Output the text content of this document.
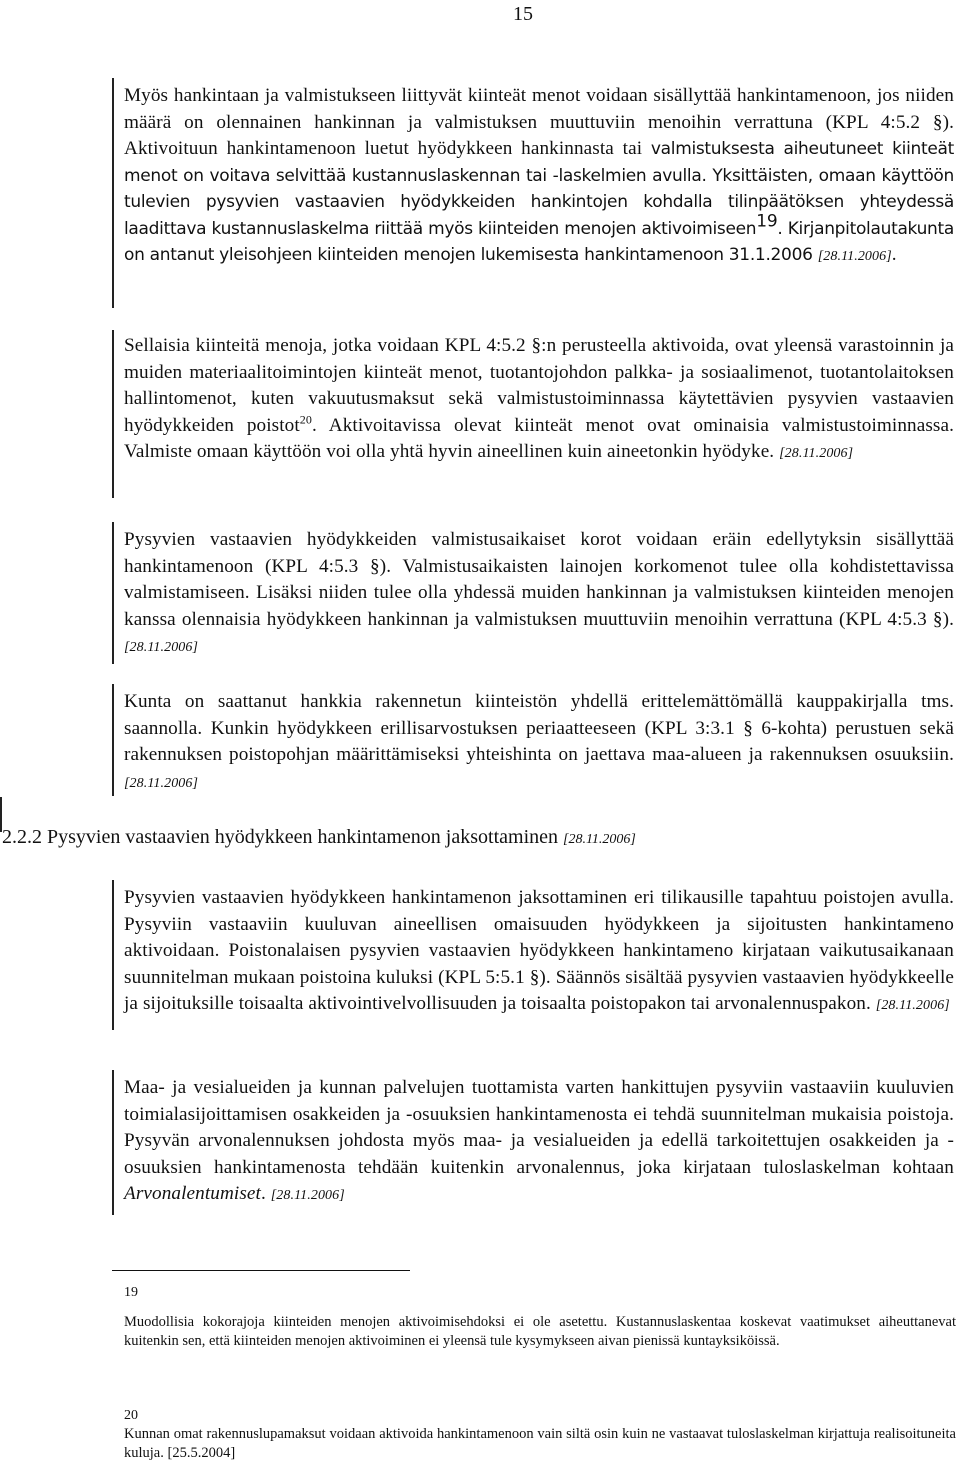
15
Myös hankintaan ja valmistukseen liittyvät kiinteät menot voidaan sisällyttää hankintamenoon, jos niiden määrä on olennainen hankinnan ja valmistuksen muuttuviin menoihin verrattuna (KPL 4:5.2 §). Aktivoituun hankintamenoon luetut hyödykkeen hankinnasta tai valmistuksesta aiheutuneet kiinteät menot on voitava selvittää kustannuslaskennan tai -laskelmien avulla. Yksittäisten, omaan käyttöön tulevien pysyvien vastaavien hyödykkeiden hankintojen kohdalla tilinpäätöksen yhteydessä laadittava kustannuslaskelma riittää myös kiinteiden menojen aktivoimiseen$^{19}$. Kirjanpitolautakunta on antanut yleisohjeen kiinteiden menojen lukemisesta hankintamenoon 31.1.2006 [28.11.2006].
Sellaisia kiinteitä menoja, jotka voidaan KPL 4:5.2 §:n perusteella aktivoida, ovat yleensä varastoinnin ja muiden materiaalitoimintojen kiinteät menot, tuotantojohdon palkka- ja sosiaalimenot, tuotantolaitoksen hallintomenot, kuten vakuutusmaksut sekä valmistustoiminnassa käytettävien pysyvien vastaavien hyödykkeiden poistot$^{20}$. Aktivoitavissa olevat kiinteät menot ovat ominaisia valmistustoiminnassa. Valmiste omaan käyttöön voi olla yhtä hyvin aineellinen kuin aineetonkin hyödyke. [28.11.2006]
Pysyvien vastaavien hyödykkeiden valmistusaikaiset korot voidaan eräin edellytyksin sisällyttää hankintamenoon (KPL 4:5.3 §). Valmistusaikaisten lainojen korkomenot tulee olla kohdistettavissa valmistamiseen. Lisäksi niiden tulee olla yhdessä muiden hankinnan ja valmistuksen kiinteiden menojen kanssa olennaisia hyödykkeen hankinnan ja valmistuksen muuttuviin menoihin verrattuna (KPL 4:5.3 §). [28.11.2006]
Kunta on saattanut hankkia rakennetun kiinteistön yhdellä erittelemättömällä kauppakirjalla tms. saannolla. Kunkin hyödykkeen erillisarvostuksen periaatteeseen (KPL 3:3.1 § 6-kohta) perustuen sekä rakennuksen poistopohjan määrittämiseksi yhteishinta on jaettava maa-alueen ja rakennuksen osuuksiin. [28.11.2006]
2.2.2 Pysyvien vastaavien hyödykkeen hankintamenon jaksottaminen [28.11.2006]
Pysyvien vastaavien hyödykkeen hankintamenon jaksottaminen eri tilikausille tapahtuu poistojen avulla. Pysyviin vastaaviin kuuluvan aineellisen omaisuuden hyödykkeen ja sijoitusten hankintameno aktivoidaan. Poistonalaisen pysyvien vastaavien hyödykkeen hankintameno kirjataan vaikutusaikanaan suunnitelman mukaan poistoina kuluksi (KPL 5:5.1 §). Säännös sisältää pysyvien vastaavien hyödykkeelle ja sijoituksille toisaalta aktivointivelvollisuuden ja toisaalta poistopakon tai arvonalennuspakon. [28.11.2006]
Maa- ja vesialueiden ja kunnan palvelujen tuottamista varten hankittujen pysyviin vastaaviin kuuluvien toimialasijoittamisen osakkeiden ja -osuuksien hankintamenosta ei tehdä suunnitelman mukaisia poistoja. Pysyvän arvonalennuksen johdosta myös maa- ja vesialueiden ja edellä tarkoitettujen osakkeiden ja -osuuksien hankintamenosta tehdään kuitenkin arvonalennus, joka kirjataan tuloslaskelman kohtaan Arvonalentumiset. [28.11.2006]
19
Muodollisia kokorajoja kiinteiden menojen aktivoimisehdoksi ei ole asetettu. Kustannuslaskentaa koskevat vaatimukset aiheuttanevat kuitenkin sen, että kiinteiden menojen aktivoiminen ei yleensä tule kysymykseen aivan pienissä kuntayksiköissä.
20
Kunnan omat rakennuslupamaksut voidaan aktivoida hankintamenoon vain siltä osin kuin ne vastaavat tuloslaskelman kirjattuja realisoituneita kuluja. [25.5.2004]
